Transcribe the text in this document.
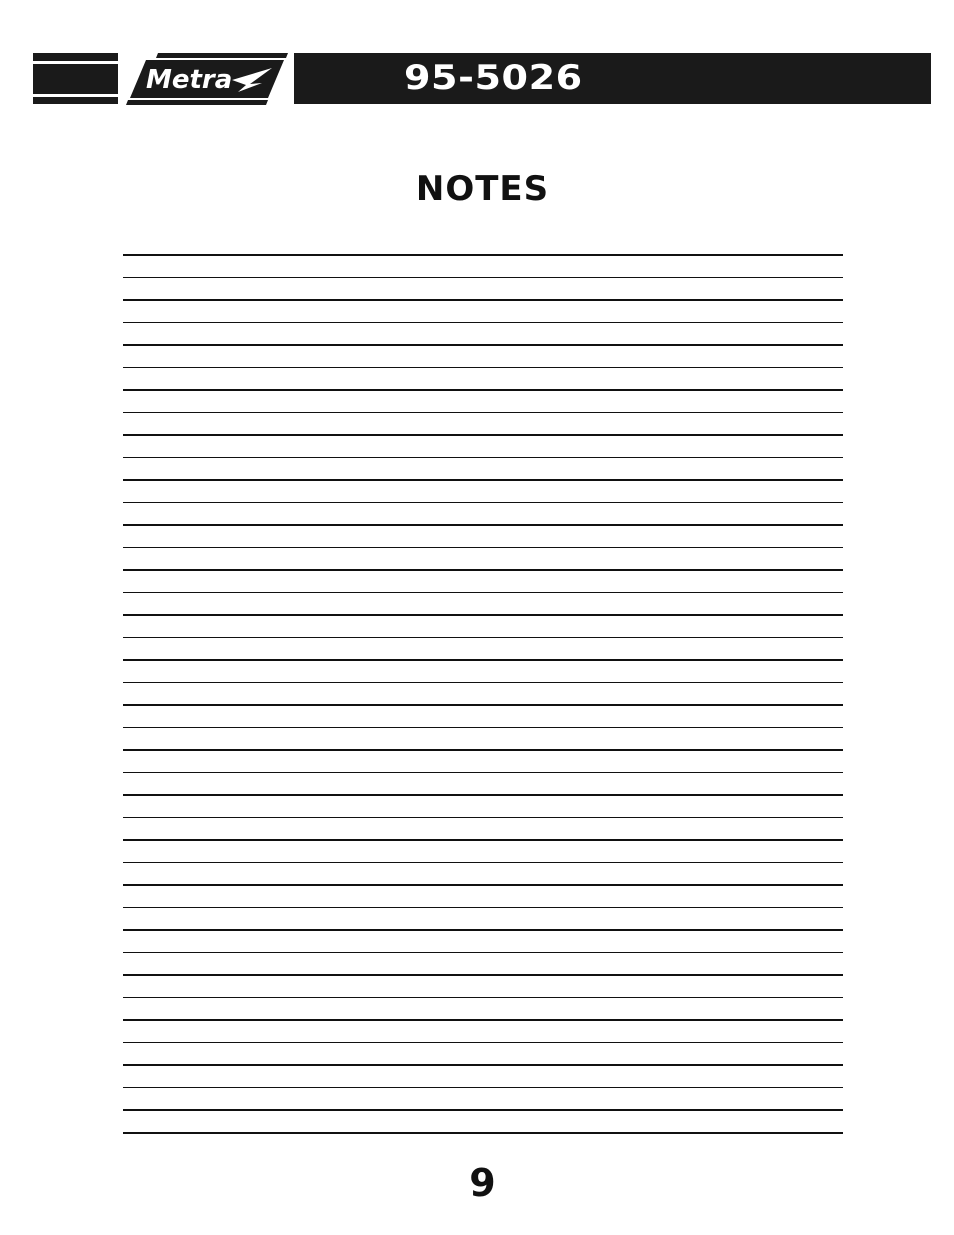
Metra	95-5026
NOTES
9
